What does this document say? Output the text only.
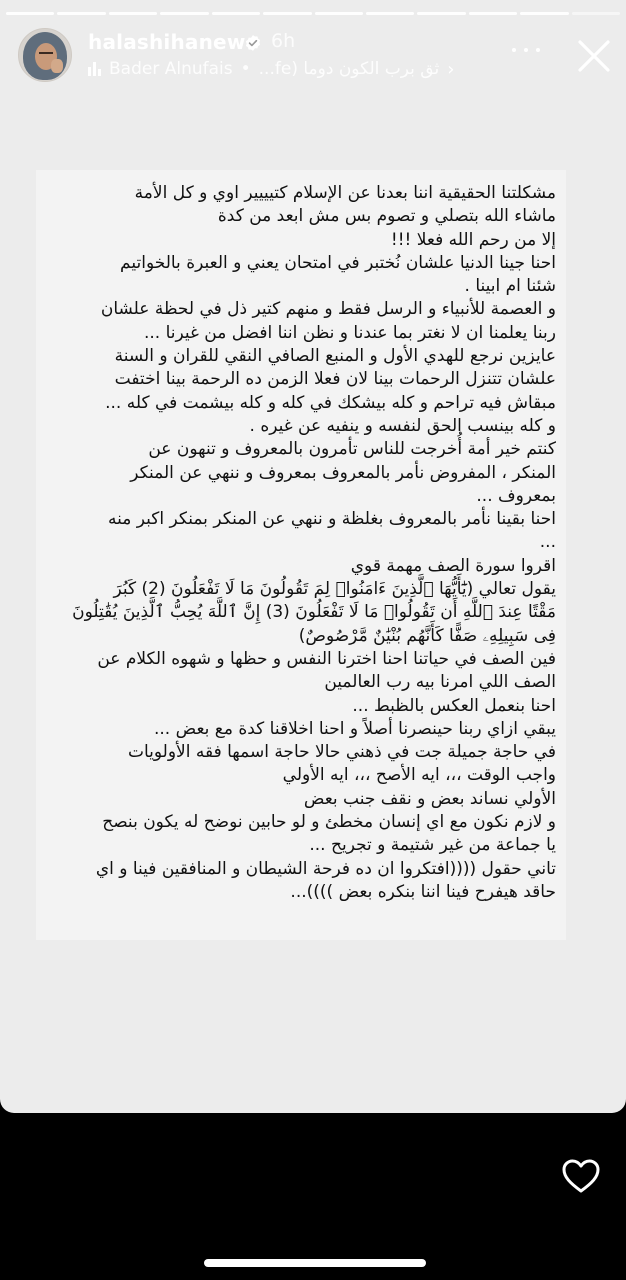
halashihanew 6h
Bader Alnufais • ثق برب الكون دوما (fe... ›
مشكلتنا الحقيقية اننا بعدنا عن الإسلام كتيييير اوي و كل الأمة
ماشاء الله بتصلي و تصوم بس مش ابعد من كدة
إلا من رحم الله فعلا !!!
احنا جينا الدنيا علشان نُختبر في امتحان يعني و العبرة بالخواتيم
شئنا ام ابينا .
و العصمة للأنبياء و الرسل فقط و منهم كتير ذل في لحظة علشان
ربنا يعلمنا ان لا نغتر بما عندنا و نظن اننا افضل من غيرنا ...
عايزين نرجع للهدي الأول و المنبع الصافي النقي للقران و السنة
علشان تتنزل الرحمات بينا لان فعلا الزمن ده الرحمة بينا اختفت
مبقاش فيه تراحم و كله بيشكك في كله و كله بيشمت في كله ...
و كله بينسب الحق لنفسه و ينفيه عن غيره .
كنتم خير أمة أُخرجت للناس تأمرون بالمعروف و تنهون عن
المنكر ، المفروض نأمر بالمعروف بمعروف و ننهي عن المنكر
بمعروف ...
احنا بقينا نأمر بالمعروف بغلظة و ننهي عن المنكر بمنكر اكبر منه
...
اقروا سورة الصف مهمة قوي
يقول تعالي (يَٰٓأَيُّهَا ٱلَّذِينَ ءَامَنُوا۟ لِمَ تَقُولُونَ مَا لَا تَفْعَلُونَ (2) كَبُرَ
مَقْتًا عِندَ ٱللَّهِ أَن تَقُولُوا۟ مَا لَا تَفْعَلُونَ (3) إِنَّ ٱللَّهَ يُحِبُّ ٱلَّذِينَ يُقَٰتِلُونَ
فِى سَبِيلِهِۦ صَفًّا كَأَنَّهُم بُنْيَٰنٌ مَّرْصُوصٌ)
فين الصف في حياتنا احنا اخترنا النفس و حظها و شهوه الكلام عن
الصف اللي امرنا بيه رب العالمين
احنا بنعمل العكس بالظبط ...
يبقي ازاي ربنا حينصرنا أصلاً و احنا اخلاقنا كدة مع بعض ...
في حاجة جميلة جت في ذهني حالا حاجة اسمها فقه الأولويات
واجب الوقت ،،، ايه الأصح ،،، ايه الأولي
الأولي نساند بعض و نقف جنب بعض
و لازم نكون مع اي إنسان مخطئ و لو حابين نوضح له يكون بنصح
يا جماعة من غير شتيمة و تجريح ...
تاني حقول ((((افتكروا ان ده فرحة الشيطان و المنافقين فينا و اي
حاقد هيفرح فينا اننا بنكره بعض ))))...
